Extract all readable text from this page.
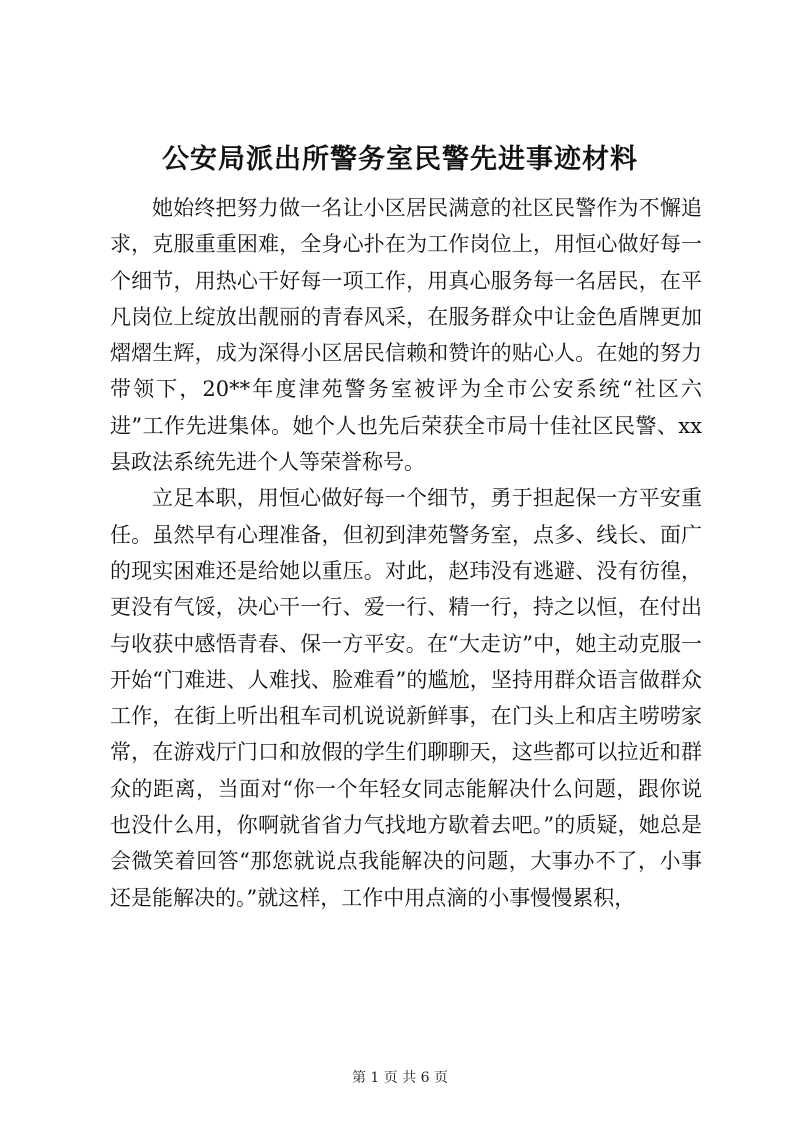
公安局派出所警务室民警先进事迹材料

她始终把努力做一名让小区居民满意的社区民警作为不懈追求，克服重重困难，全身心扑在为工作岗位上，用恒心做好每一个细节，用热心干好每一项工作，用真心服务每一名居民，在平凡岗位上绽放出靓丽的青春风采，在服务群众中让金色盾牌更加熠熠生辉，成为深得小区居民信赖和赞许的贴心人。在她的努力带领下，20**年度津苑警务室被评为全市公安系统“社区六进”工作先进集体。她个人也先后荣获全市局十佳社区民警、xx县政法系统先进个人等荣誉称号。

立足本职，用恒心做好每一个细节，勇于担起保一方平安重任。虽然早有心理准备，但初到津苑警务室，点多、线长、面广的现实困难还是给她以重压。对此，赵玮没有逃避、没有彷徨，更没有气馁，决心干一行、爱一行、精一行，持之以恒，在付出与收获中感悟青春、保一方平安。在“大走访”中，她主动克服一开始“门难进、人难找、脸难看”的尴尬，坚持用群众语言做群众工作，在街上听出租车司机说说新鲜事，在门头上和店主唠唠家常，在游戏厅门口和放假的学生们聊聊天，这些都可以拉近和群众的距离，当面对“你一个年轻女同志能解决什么问题，跟你说也没什么用，你啊就省省力气找地方歇着去吧。”的质疑，她总是会微笑着回答“那您就说点我能解决的问题，大事办不了，小事还是能解决的。”就这样，工作中用点滴的小事慢慢累积，

第 1 页 共 6 页
